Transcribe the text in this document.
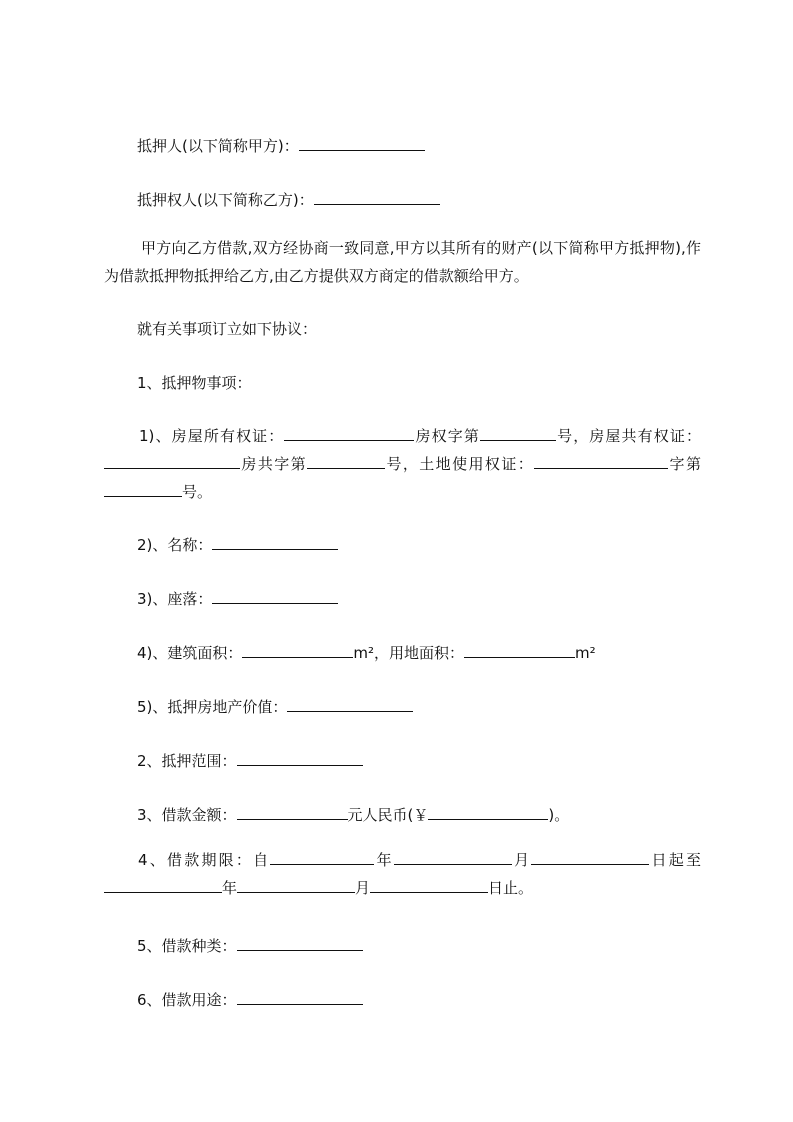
抵押人(以下简称甲方)：
抵押权人(以下简称乙方)：
甲方向乙方借款,双方经协商一致同意,甲方以其所有的财产(以下简称甲方抵押物),作为借款抵押物抵押给乙方,由乙方提供双方商定的借款额给甲方。
就有关事项订立如下协议：
1、抵押物事项：
1)、房屋所有权证：	房权字第	号，房屋共有权证：房共字第	号，土地使用权证：	字第号。
2)、名称：
3)、座落：
4)、建筑面积：	m²，用地面积：	m²
5)、抵押房地产价值：
2、抵押范围：
3、借款金额：	元人民币(￥	)。
4、借款期限：自	年	月	日起至年	月	日止。
5、借款种类：
6、借款用途：
